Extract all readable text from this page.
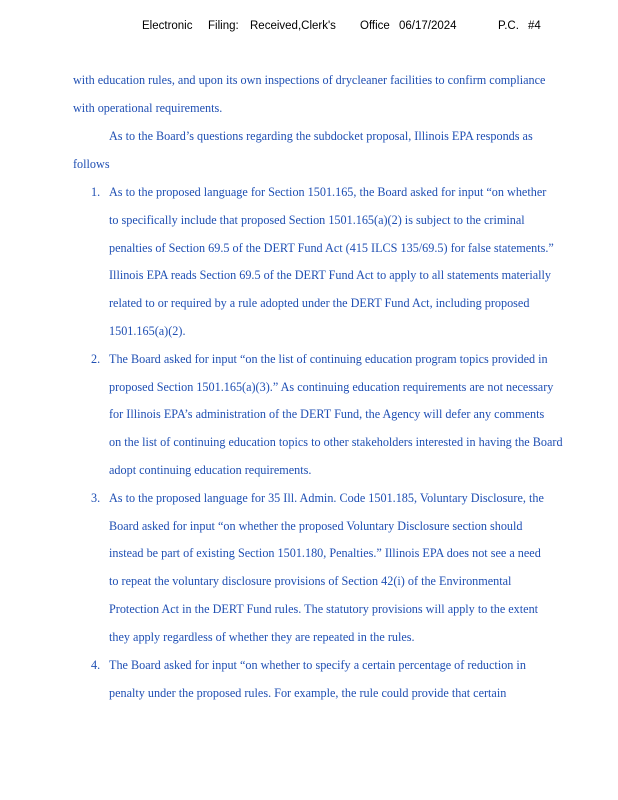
Electronic Filing: Received,Clerk's Office 06/17/2024	P.C. #4
with education rules, and upon its own inspections of drycleaner facilities to confirm compliance
with operational requirements.
As to the Board’s questions regarding the subdocket proposal, Illinois EPA responds as
follows
1. As to the proposed language for Section 1501.165, the Board asked for input “on whether
to specifically include that proposed Section 1501.165(a)(2) is subject to the criminal
penalties of Section 69.5 of the DERT Fund Act (415 ILCS 135/69.5) for false statements.”
Illinois EPA reads Section 69.5 of the DERT Fund Act to apply to all statements materially
related to or required by a rule adopted under the DERT Fund Act, including proposed
1501.165(a)(2).
2. The Board asked for input “on the list of continuing education program topics provided in
proposed Section 1501.165(a)(3).” As continuing education requirements are not necessary
for Illinois EPA’s administration of the DERT Fund, the Agency will defer any comments
on the list of continuing education topics to other stakeholders interested in having the Board
adopt continuing education requirements.
3. As to the proposed language for 35 Ill. Admin. Code 1501.185, Voluntary Disclosure, the
Board asked for input “on whether the proposed Voluntary Disclosure section should
instead be part of existing Section 1501.180, Penalties.” Illinois EPA does not see a need
to repeat the voluntary disclosure provisions of Section 42(i) of the Environmental
Protection Act in the DERT Fund rules. The statutory provisions will apply to the extent
they apply regardless of whether they are repeated in the rules.
4. The Board asked for input “on whether to specify a certain percentage of reduction in
penalty under the proposed rules. For example, the rule could provide that certain
